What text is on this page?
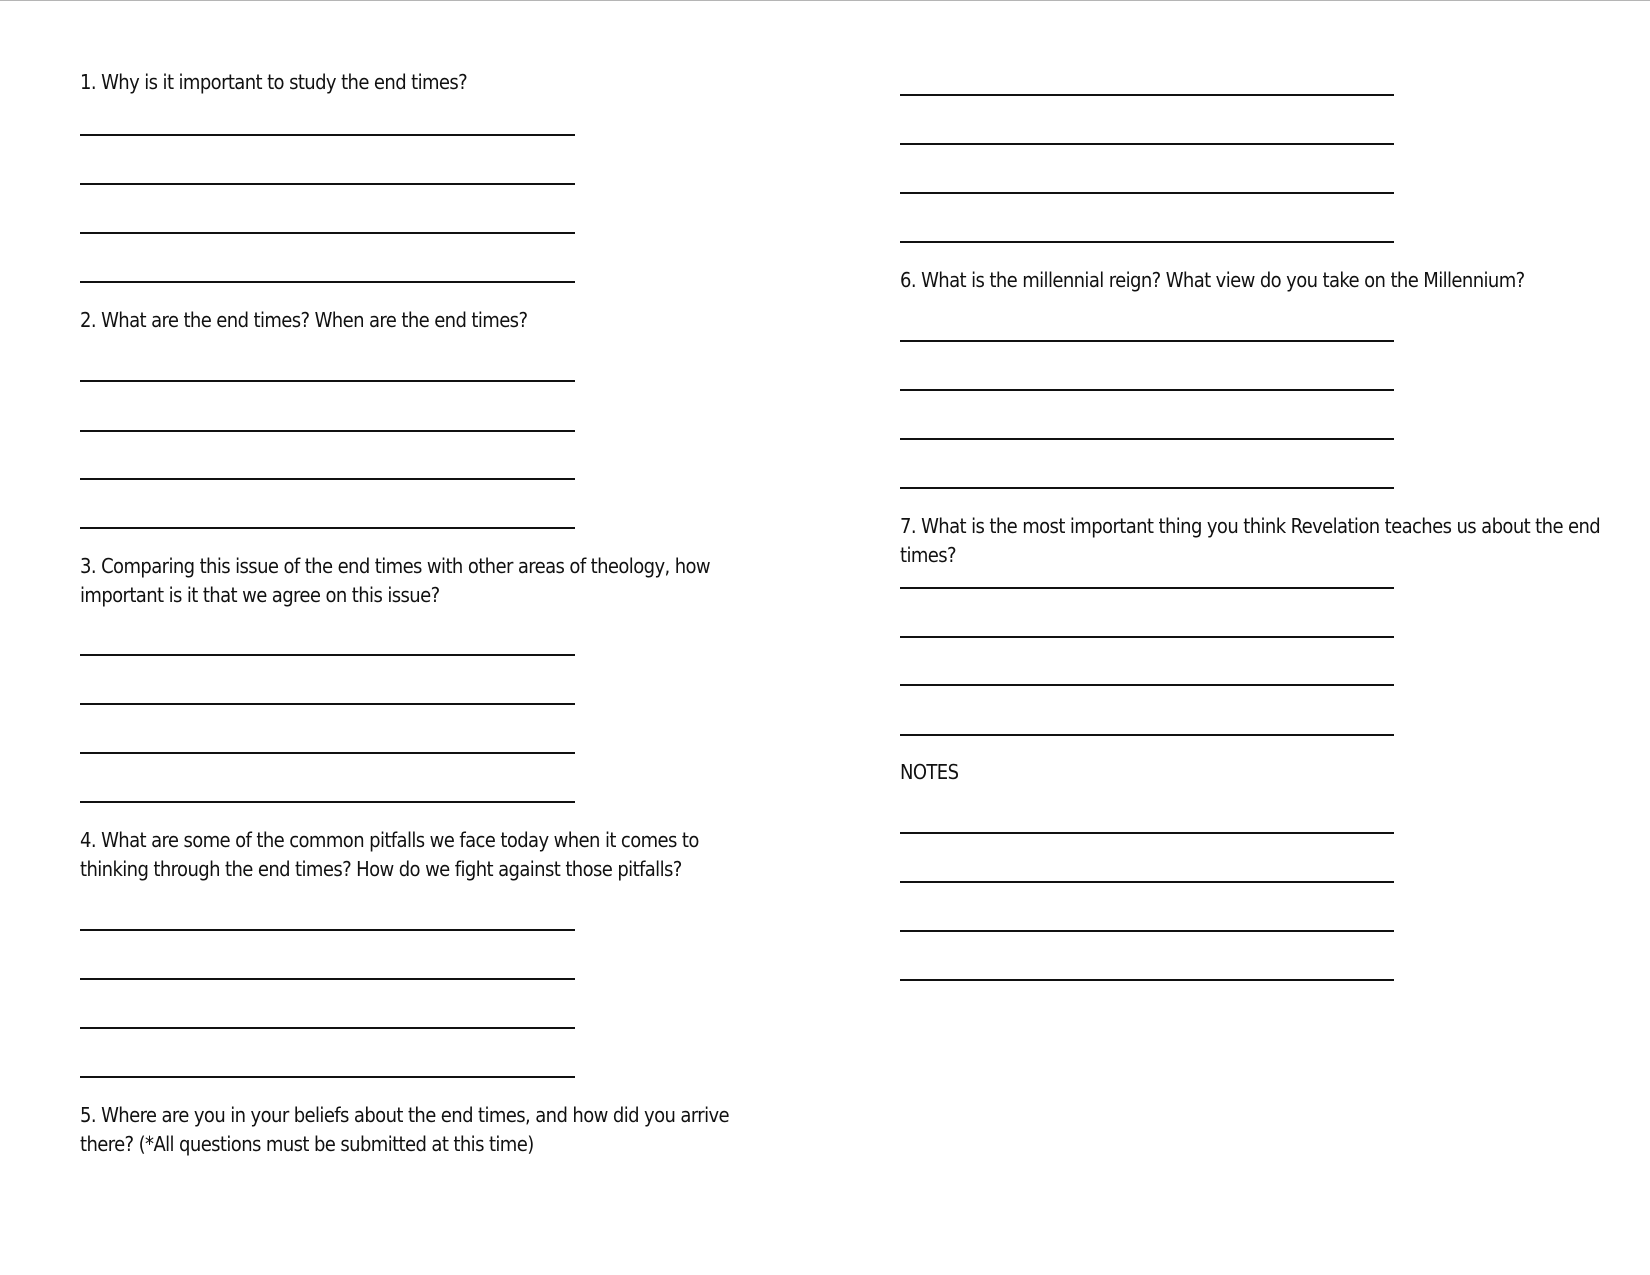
1. Why is it important to study the end times?
2. What are the end times? When are the end times?
3. Comparing this issue of the end times with other areas of theology, how important is it that we agree on this issue?
4. What are some of the common pitfalls we face today when it comes to thinking through the end times? How do we fight against those pitfalls?
5. Where are you in your beliefs about the end times, and how did you arrive there? (*All questions must be submitted at this time)
6. What is the millennial reign? What view do you take on the Millennium?
7. What is the most important thing you think Revelation teaches us about the end times?
NOTES
